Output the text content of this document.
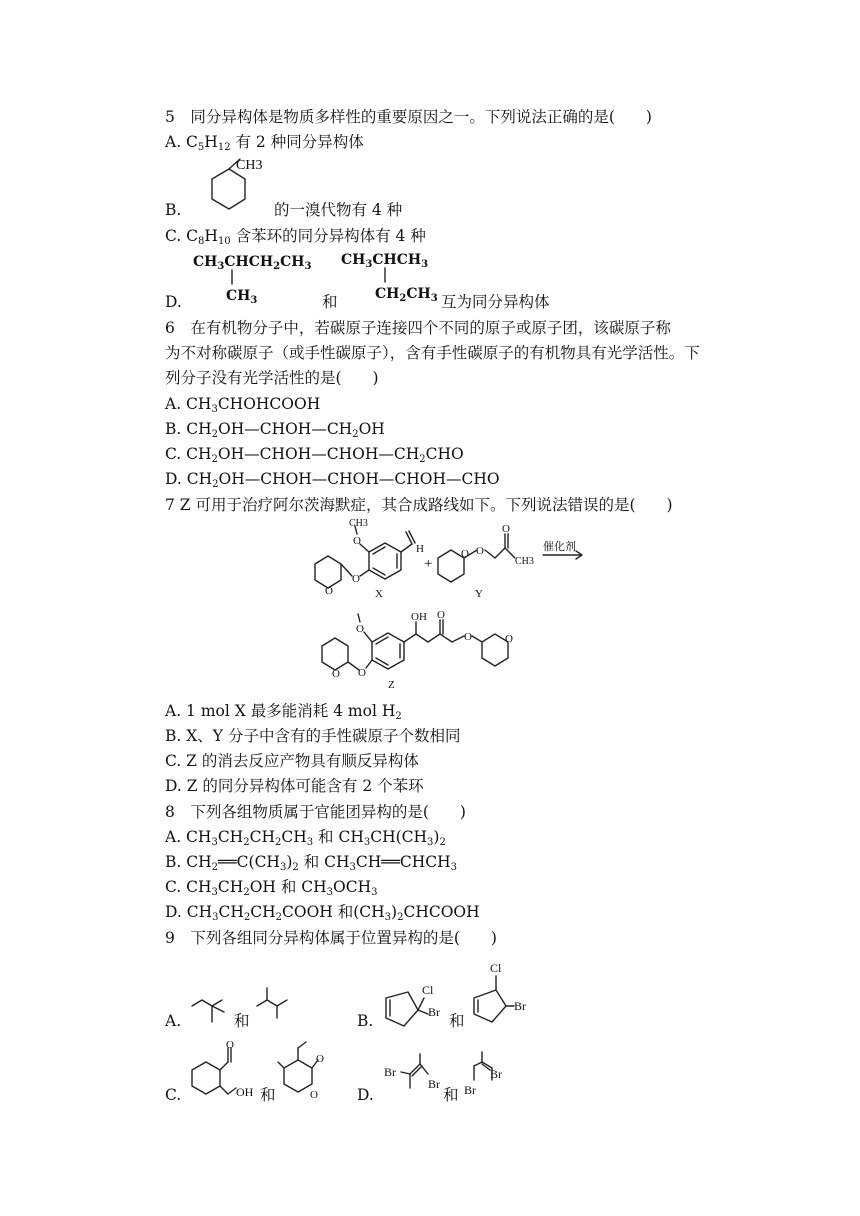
5　同分异构体是物质多样性的重要原因之一。下列说法正确的是(　　)
A. $C_5H_{12}$ 有 2 种同分异构体
B.
CH3
的一溴代物有 4 种
C. $C_8H_{10}$ 含苯环的同分异构体有 4 种
D.
$CH_3CHCH_2CH_3$
$CH_3$	和
$CH_3CHCH_3$
$CH_2CH_3$ 互为同分异构体
6　在有机物分子中，若碳原子连接四个不同的原子或原子团，该碳原子称
为不对称碳原子（或手性碳原子），含有手性碳原子的有机物具有光学活性。下
列分子没有光学活性的是(　　)
A. $CH_3CHOHCOOH$
B. $CH_2OH—CHOH—CH_2OH$
C. $CH_2OH—CHOH—CHOH—CH_2CHO$
D. $CH_2OH—CHOH—CHOH—CHOH—CHO$
7 Z 可用于治疗阿尔茨海默症，其合成路线如下。下列说法错误的是(　　)
O
O
O
CH3
H
X
+
O O
O
CH3
Y
催化剂
O O
O
OH O
O	O
Z
A. 1 mol X 最多能消耗 4 mol $H_2$
B. X、Y 分子中含有的手性碳原子个数相同
C. Z 的消去反应产物具有顺反异构体
D. Z 的同分异构体可能含有 2 个苯环
8　下列各组物质属于官能团异构的是(　　)
A. $CH_3CH_2CH_2CH_3$ 和 $CH_3CH(CH_3)_2$
B. $CH_2══C(CH_3)_2$ 和 $CH_3CH══CHCH_3$
C. $CH_3CH_2OH$ 和 $CH_3OCH_3$
D. $CH_3CH_2CH_2COOH$ 和$(CH_3)_2CHCOOH$
9　下列各组同分异构体属于位置异构的是(　　)
A.	和	B.
Cl
Br 和
Cl
Br
C.
O
OH 和
O
O	D.
Br
Br
和 Br
Br
